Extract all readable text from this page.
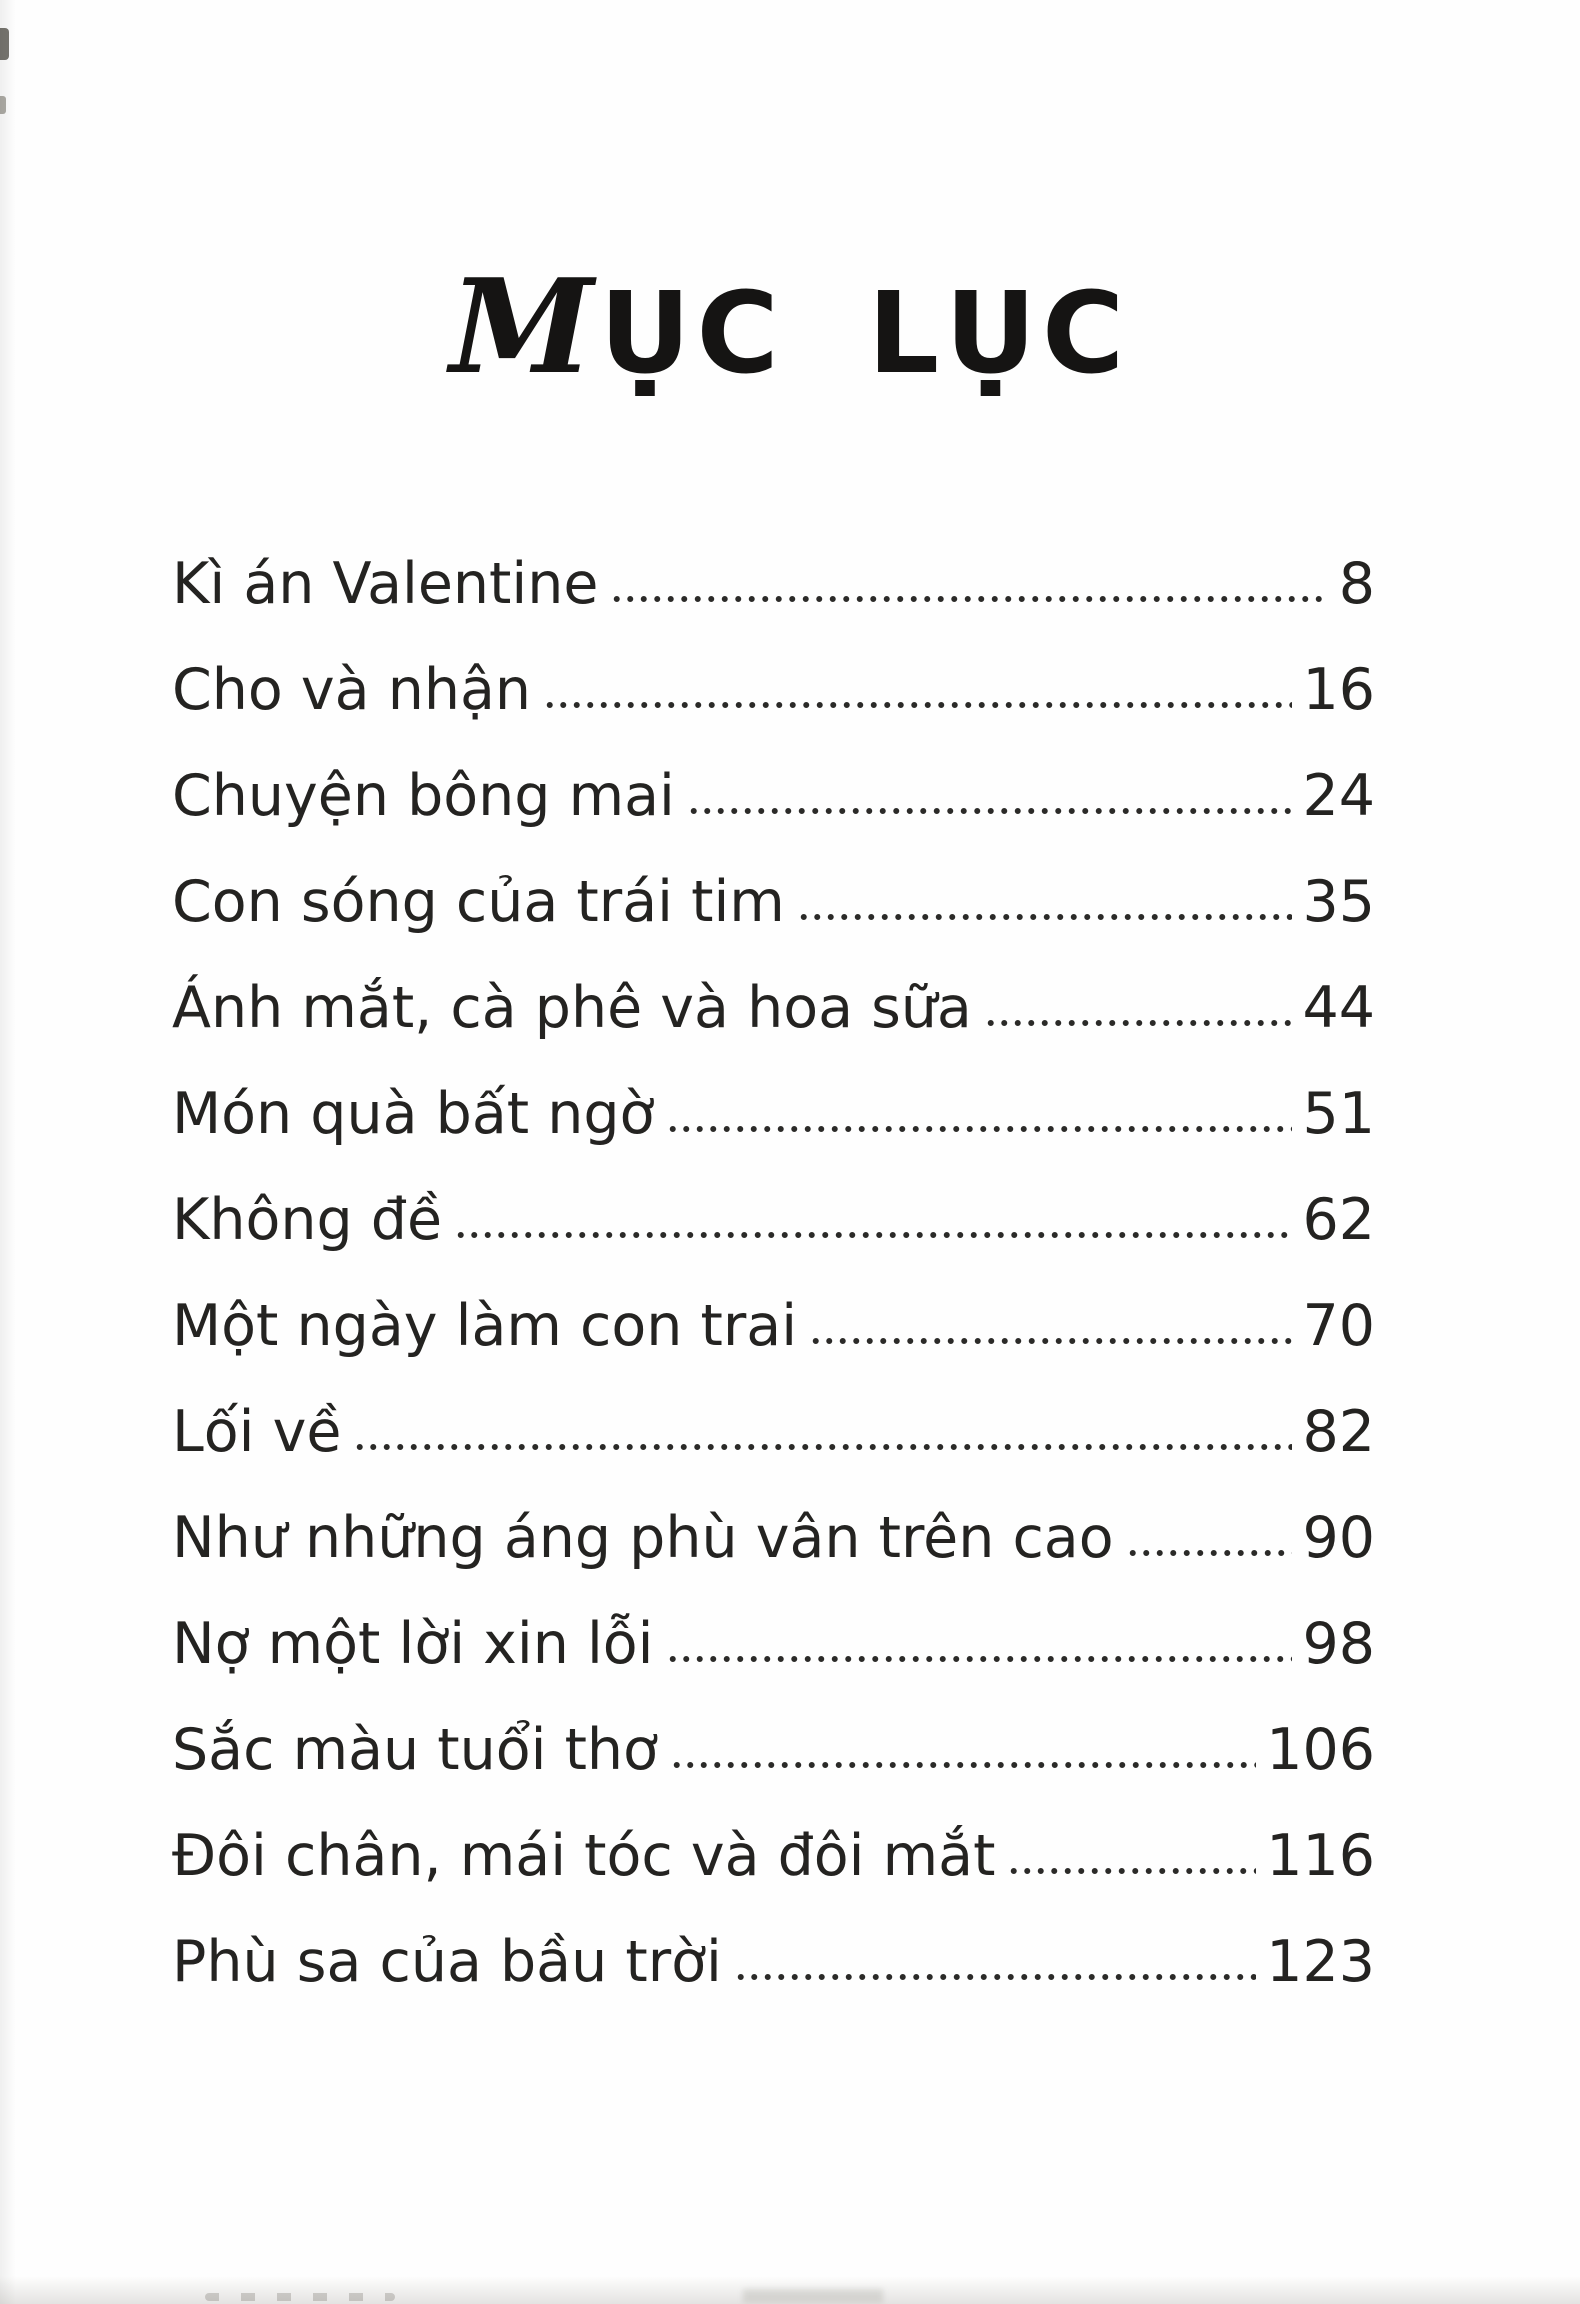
MỤC LỤC
Kì án Valentine	8
Cho và nhận	16
Chuyện bông mai	24
Con sóng của trái tim	35
Ánh mắt, cà phê và hoa sữa	44
Món quà bất ngờ	51
Không đề	62
Một ngày làm con trai	70
Lối về	82
Như những áng phù vân trên cao	90
Nợ một lời xin lỗi	98
Sắc màu tuổi thơ	106
Đôi chân, mái tóc và đôi mắt	116
Phù sa của bầu trời	123
